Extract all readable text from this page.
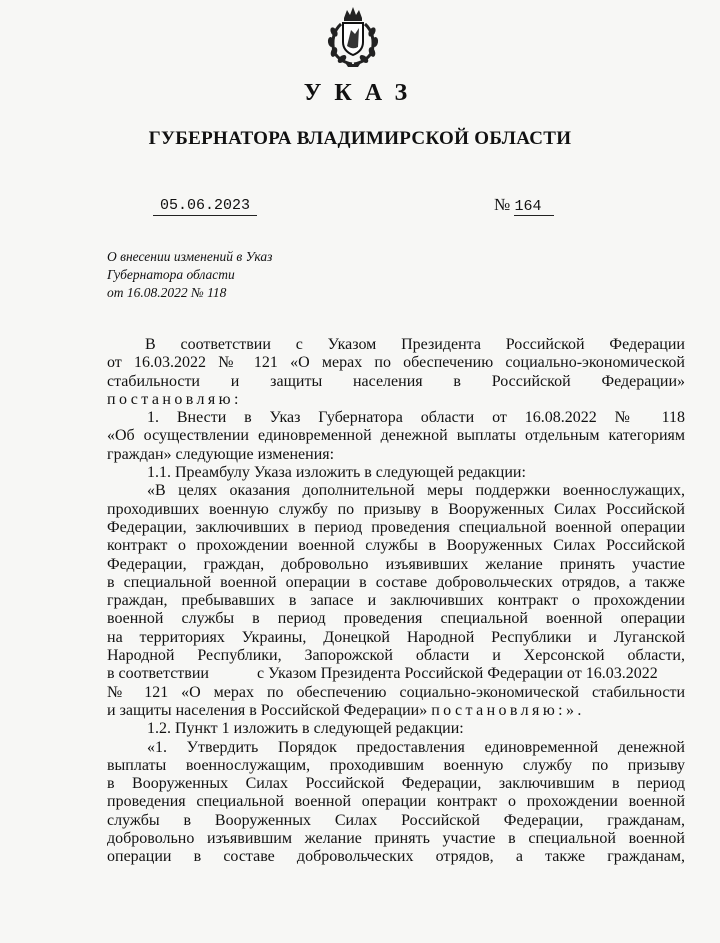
УКАЗ
ГУБЕРНАТОРА ВЛАДИМИРСКОЙ ОБЛАСТИ
05.06.2023	№ 164
О внесении изменений в Указ
Губернатора области
от 16.08.2022 № 118
В соответствии с Указом Президента Российской Федерации
от 16.03.2022 № 121 «О мерах по обеспечению социально-экономической
стабильности и защиты населения в Российской Федерации»
постановляю:
1. Внести в Указ Губернатора области от 16.08.2022 № 118
«Об осуществлении единовременной денежной выплаты отдельным категориям
граждан» следующие изменения:
1.1. Преамбулу Указа изложить в следующей редакции:
«В целях оказания дополнительной меры поддержки военнослужащих,
проходивших военную службу по призыву в Вооруженных Силах Российской
Федерации, заключивших в период проведения специальной военной операции
контракт о прохождении военной службы в Вооруженных Силах Российской
Федерации, граждан, добровольно изъявивших желание принять участие
в специальной военной операции в составе добровольческих отрядов, а также
граждан, пребывавших в запасе и заключивших контракт о прохождении
военной службы в период проведения специальной военной операции
на территориях Украины, Донецкой Народной Республики и Луганской
Народной Республики, Запорожской области и Херсонской области,
в соответствии	с Указом Президента Российской Федерации от 16.03.2022
№ 121 «О мерах по обеспечению социально-экономической стабильности
и защиты населения в Российской Федерации» постановляю:».
1.2. Пункт 1 изложить в следующей редакции:
«1. Утвердить Порядок предоставления единовременной денежной
выплаты военнослужащим, проходившим военную службу по призыву
в Вооруженных Силах Российской Федерации, заключившим в период
проведения специальной военной операции контракт о прохождении военной
службы в Вооруженных Силах Российской Федерации, гражданам,
добровольно изъявившим желание принять участие в специальной военной
операции в составе добровольческих отрядов, а также гражданам,
